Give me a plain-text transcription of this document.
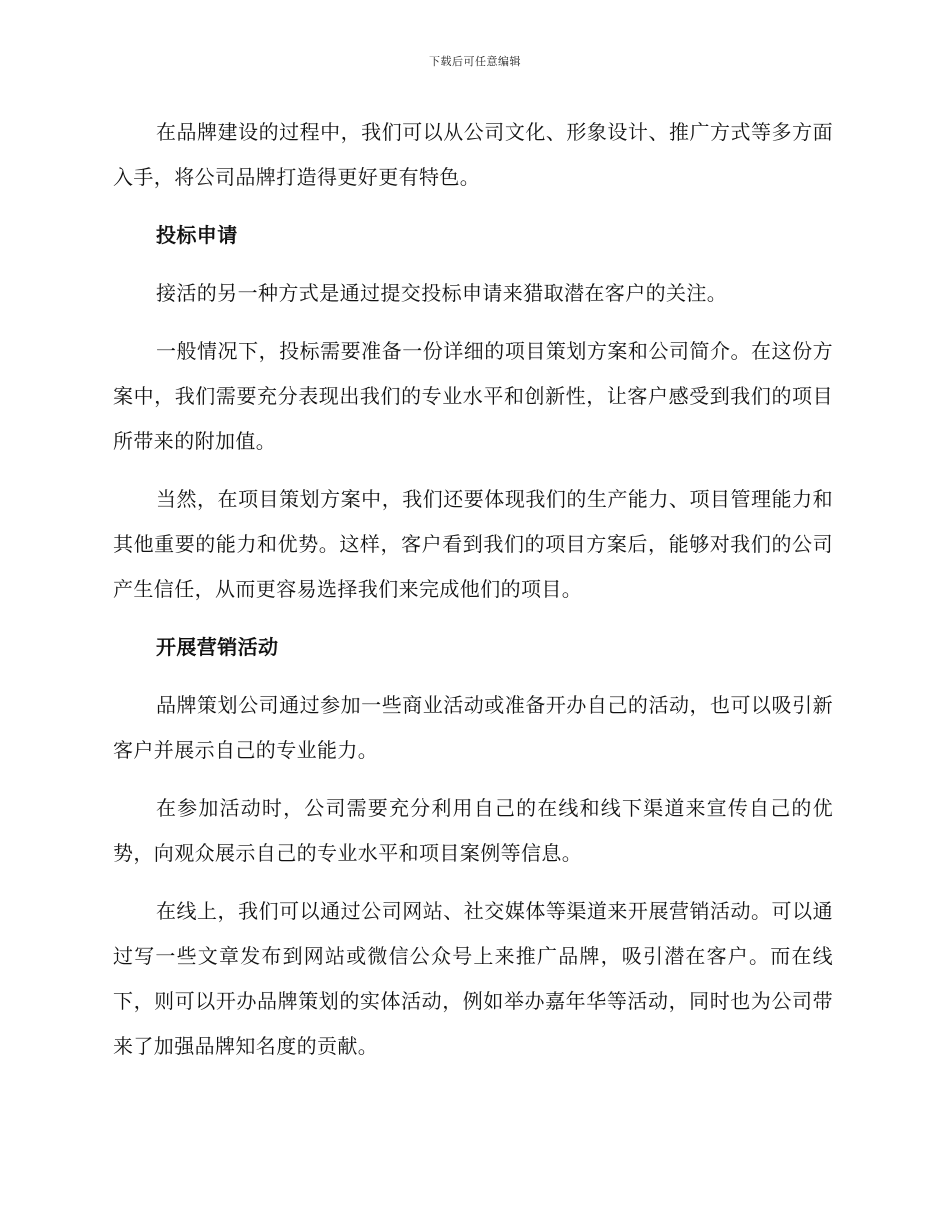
下载后可任意编辑

在品牌建设的过程中，我们可以从公司文化、形象设计、推广方式等多方面入手，将公司品牌打造得更好更有特色。

投标申请

接活的另一种方式是通过提交投标申请来猎取潜在客户的关注。

一般情况下，投标需要准备一份详细的项目策划方案和公司简介。在这份方案中，我们需要充分表现出我们的专业水平和创新性，让客户感受到我们的项目所带来的附加值。

当然，在项目策划方案中，我们还要体现我们的生产能力、项目管理能力和其他重要的能力和优势。这样，客户看到我们的项目方案后，能够对我们的公司产生信任，从而更容易选择我们来完成他们的项目。

开展营销活动

品牌策划公司通过参加一些商业活动或准备开办自己的活动，也可以吸引新客户并展示自己的专业能力。

在参加活动时，公司需要充分利用自己的在线和线下渠道来宣传自己的优势，向观众展示自己的专业水平和项目案例等信息。

在线上，我们可以通过公司网站、社交媒体等渠道来开展营销活动。可以通过写一些文章发布到网站或微信公众号上来推广品牌，吸引潜在客户。而在线下，则可以开办品牌策划的实体活动，例如举办嘉年华等活动，同时也为公司带来了加强品牌知名度的贡献。
